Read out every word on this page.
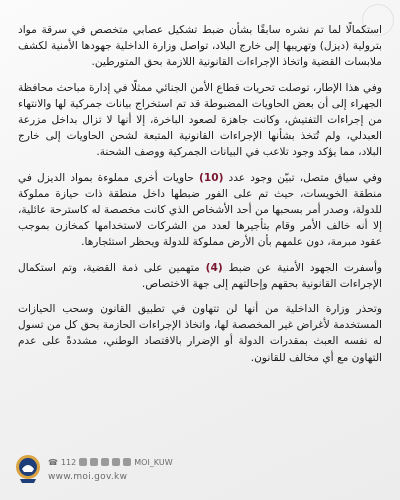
استكمالًا لما تم نشره سابقًا بشأن ضبط تشكيل عصابي متخصص في سرقة مواد بترولية (ديزل) وتهريبها إلى خارج البلاد، تواصل وزارة الداخلية جهودها الأمنية لكشف ملابسات القضية واتخاذ الإجراءات القانونية اللازمة بحق المتورطين.

وفي هذا الإطار، توصلت تحريات قطاع الأمن الجنائي ممثلًا في إدارة مباحث محافظة الجهراء إلى أن بعض الحاويات المضبوطة قد تم استخراج بيانات جمركية لها والانتهاء من إجراءات التفتيش، وكانت جاهزة لصعود الباخرة، إلا أنها لا تزال بداخل مزرعة العبدلي، ولم تُتخذ بشأنها الإجراءات القانونية المتبعة لشحن الحاويات إلى خارج البلاد، مما يؤكد وجود تلاعب في البيانات الجمركية ووصف الشحنة.

وفي سياق متصل، تبيّن وجود عدد (10) حاويات أخرى مملوءة بمواد الديزل في منطقة الخويسات، حيث تم على الفور ضبطها داخل منطقة ذات حيازة مملوكة للدولة، وصدر أمر بسحبها من أحد الأشخاص الذي كانت مخصصة له كاسترحة عائلية، إلا أنه خالف الأمر وقام بتأجيرها لعدد من الشركات لاستخدامها كمخازن بموجب عقود مبرمة، دون علمهم بأن الأرض مملوكة للدولة ويحظر استئجارها.

وأسفرت الجهود الأمنية عن ضبط (4) متهمين على ذمة القضية، وتم استكمال الإجراءات القانونية بحقهم وإحالتهم إلى جهة الاختصاص.

وتحذر وزارة الداخلية من أنها لن تتهاون في تطبيق القانون وسحب الحيازات المستخدمة لأغراض غير المخصصة لها، واتخاذ الإجراءات الحازمة بحق كل من تسول له نفسه العبث بمقدرات الدولة أو الإضرار بالاقتصاد الوطني، مشددةً على عدم التهاون مع أي مخالف للقانون.

☎ 112	MOI_KUW
www.moi.gov.kw
